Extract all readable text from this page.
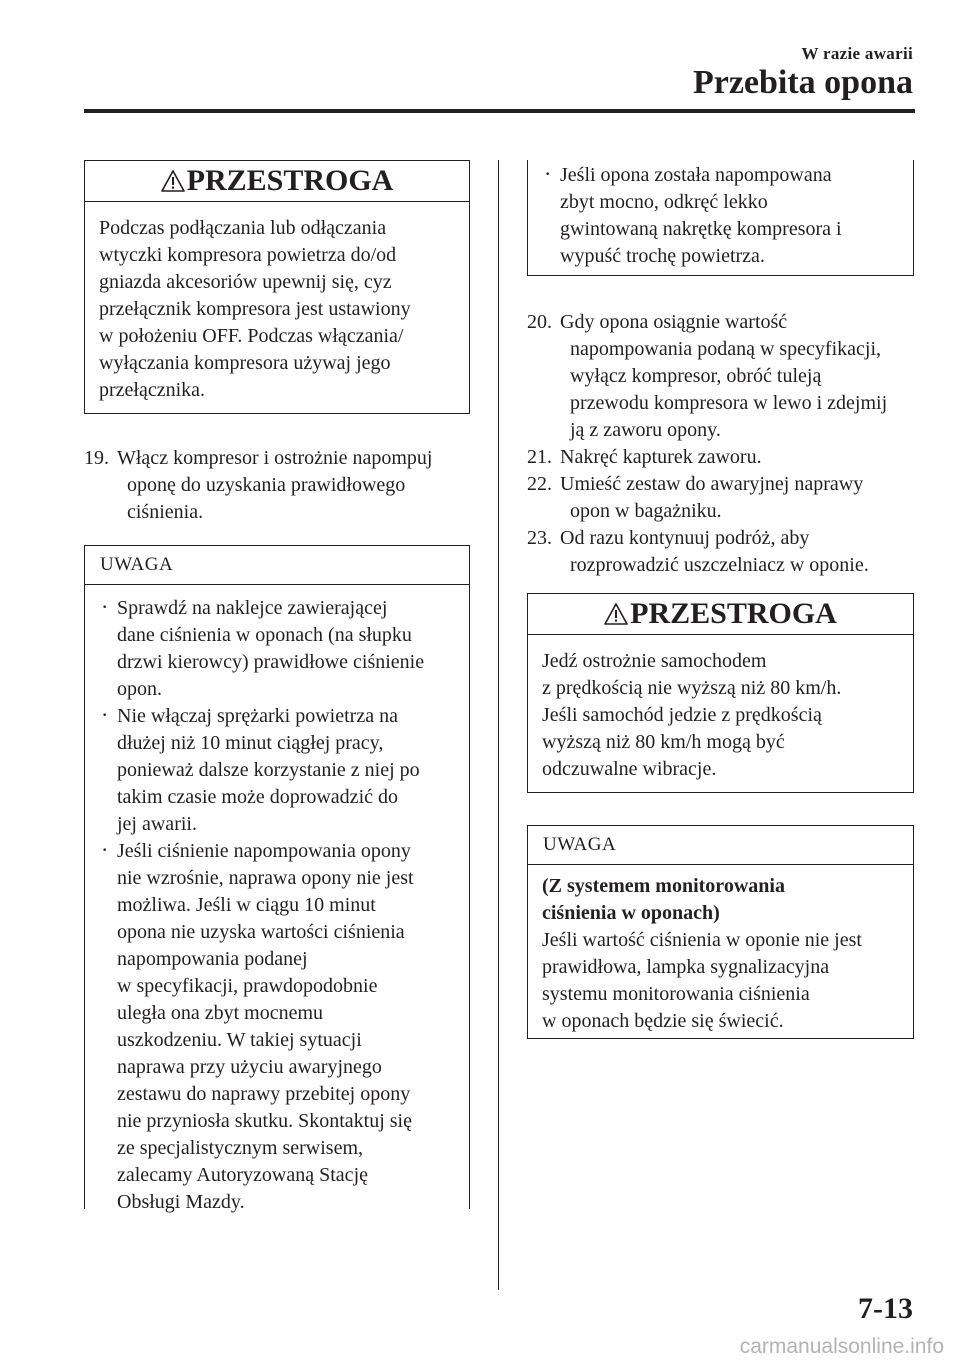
W razie awarii
Przebita opona
PRZESTROGA
Podczas podłączania lub odłączania
wtyczki kompresora powietrza do/od
gniazda akcesoriów upewnij się, cyz
przełącznik kompresora jest ustawiony
w położeniu OFF. Podczas włączania/
wyłączania kompresora używaj jego
przełącznika.
19. Włącz kompresor i ostrożnie napompuj
oponę do uzyskania prawidłowego
ciśnienia.
UWAGA
· Sprawdź na naklejce zawierającej
dane ciśnienia w oponach (na słupku
drzwi kierowcy) prawidłowe ciśnienie
opon.
· Nie włączaj sprężarki powietrza na
dłużej niż 10 minut ciągłej pracy,
ponieważ dalsze korzystanie z niej po
takim czasie może doprowadzić do
jej awarii.
· Jeśli ciśnienie napompowania opony
nie wzrośnie, naprawa opony nie jest
możliwa. Jeśli w ciągu 10 minut
opona nie uzyska wartości ciśnienia
napompowania podanej
w specyfikacji, prawdopodobnie
uległa ona zbyt mocnemu
uszkodzeniu. W takiej sytuacji
naprawa przy użyciu awaryjnego
zestawu do naprawy przebitej opony
nie przyniosła skutku. Skontaktuj się
ze specjalistycznym serwisem,
zalecamy Autoryzowaną Stację
Obsługi Mazdy.
· Jeśli opona została napompowana
zbyt mocno, odkręć lekko
gwintowaną nakrętkę kompresora i
wypuść trochę powietrza.
20. Gdy opona osiągnie wartość
napompowania podaną w specyfikacji,
wyłącz kompresor, obróć tuleją
przewodu kompresora w lewo i zdejmij
ją z zaworu opony.
21. Nakręć kapturek zaworu.
22. Umieść zestaw do awaryjnej naprawy
opon w bagażniku.
23. Od razu kontynuuj podróż, aby
rozprowadzić uszczelniacz w oponie.
PRZESTROGA
Jedź ostrożnie samochodem
z prędkością nie wyższą niż 80 km/h.
Jeśli samochód jedzie z prędkością
wyższą niż 80 km/h mogą być
odczuwalne wibracje.
UWAGA
(Z systemem monitorowania
ciśnienia w oponach)
Jeśli wartość ciśnienia w oponie nie jest
prawidłowa, lampka sygnalizacyjna
systemu monitorowania ciśnienia
w oponach będzie się świecić.
7-13
carmanualsonline.info
